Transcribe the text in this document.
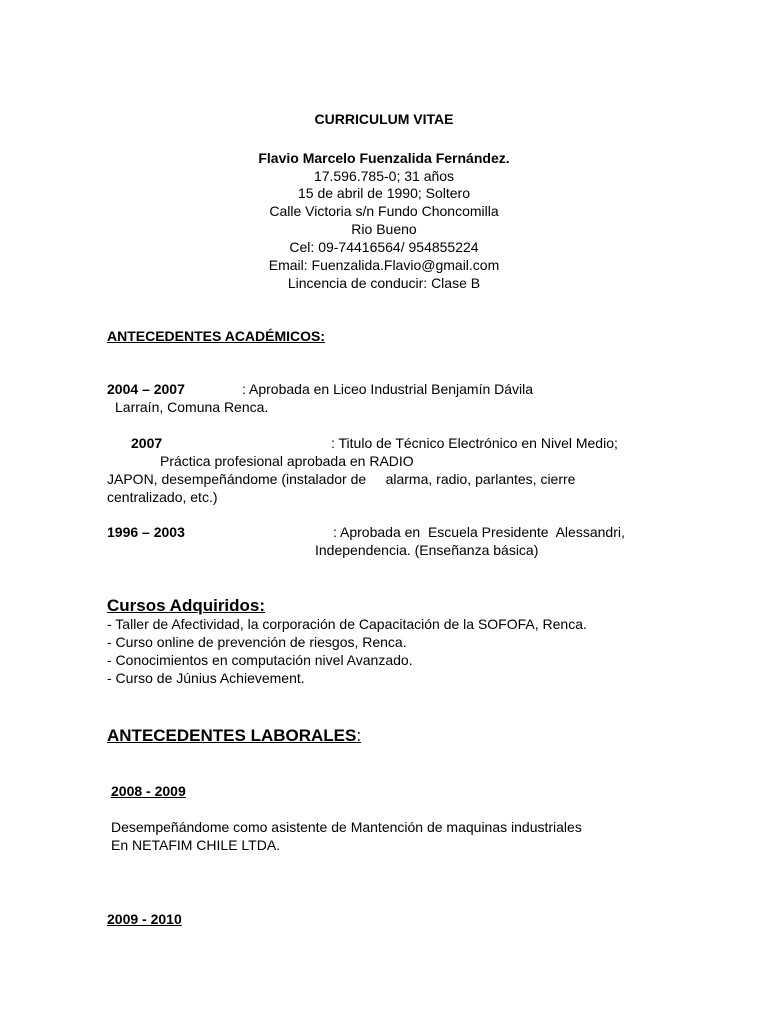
CURRICULUM VITAE
Flavio Marcelo Fuenzalida Fernández.
17.596.785-0; 31 años
15 de abril de 1990; Soltero
Calle Victoria s/n Fundo Choncomilla
Rio Bueno
Cel: 09-74416564/ 954855224
Email: Fuenzalida.Flavio@gmail.com
Lincencia de conducir: Clase B
ANTECEDENTES ACADÉMICOS:
2004 – 2007	: Aprobada en Liceo Industrial Benjamín Dávila
Larraín, Comuna Renca.
2007	: Titulo de Técnico Electrónico en Nivel Medio;
Práctica profesional aprobada en RADIO
JAPON, desempeñándome (instalador de     alarma, radio, parlantes, cierre
centralizado, etc.)
1996 – 2003	: Aprobada en  Escuela Presidente  Alessandri,
Independencia. (Enseñanza básica)
Cursos Adquiridos:
- Taller de Afectividad, la corporación de Capacitación de la SOFOFA, Renca.
- Curso online de prevención de riesgos, Renca.
- Conocimientos en computación nivel Avanzado.
- Curso de Június Achievement.
ANTECEDENTES LABORALES:
2008 - 2009
Desempeñándome como asistente de Mantención de maquinas industriales
En NETAFIM CHILE LTDA.
2009 - 2010
